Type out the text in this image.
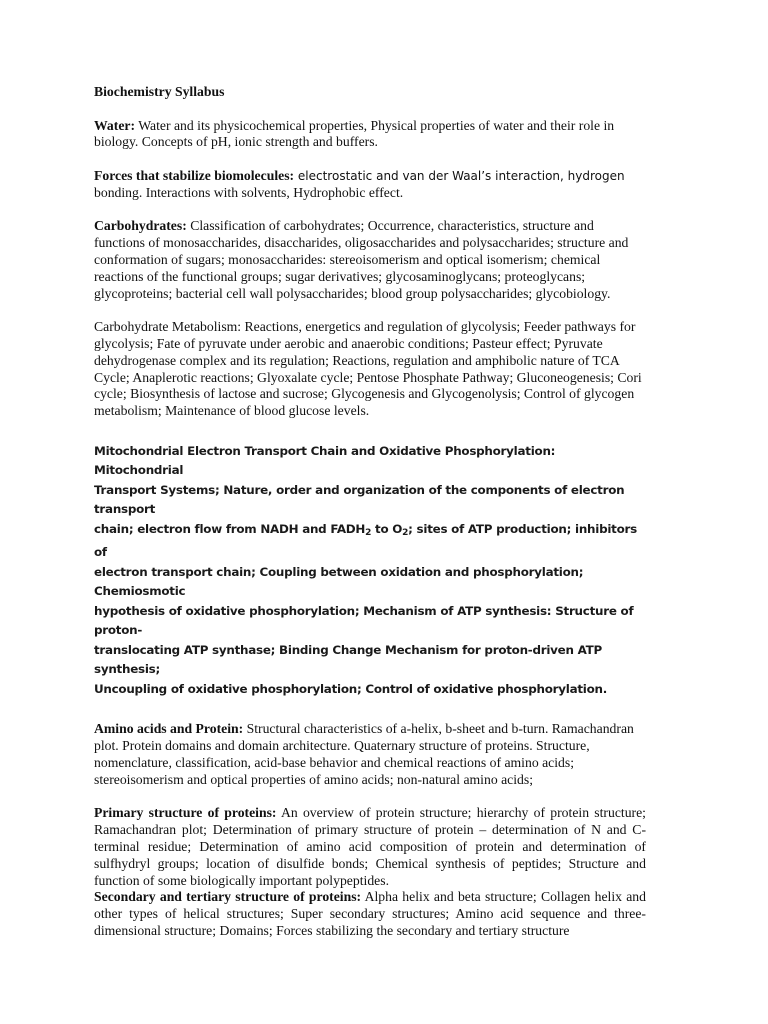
Biochemistry Syllabus

Water: Water and its physicochemical properties, Physical properties of water and their role in biology. Concepts of pH, ionic strength and buffers.

Forces that stabilize biomolecules: electrostatic and van der Waal’s interaction, hydrogen
bonding. Interactions with solvents, Hydrophobic effect.

Carbohydrates: Classification of carbohydrates; Occurrence, characteristics, structure and functions of monosaccharides, disaccharides, oligosaccharides and polysaccharides; structure and conformation of sugars; monosaccharides: stereoisomerism and optical isomerism; chemical reactions of the functional groups; sugar derivatives; glycosaminoglycans; proteoglycans; glycoproteins; bacterial cell wall polysaccharides; blood group polysaccharides; glycobiology.

Carbohydrate Metabolism: Reactions, energetics and regulation of glycolysis; Feeder pathways for glycolysis; Fate of pyruvate under aerobic and anaerobic conditions; Pasteur effect; Pyruvate dehydrogenase complex and its regulation; Reactions, regulation and amphibolic nature of TCA Cycle; Anaplerotic reactions; Glyoxalate cycle; Pentose Phosphate Pathway; Gluconeogenesis; Cori cycle; Biosynthesis of lactose and sucrose; Glycogenesis and Glycogenolysis; Control of glycogen metabolism; Maintenance of blood glucose levels.

Mitochondrial Electron Transport Chain and Oxidative Phosphorylation: Mitochondrial
Transport Systems; Nature, order and organization of the components of electron transport
chain; electron flow from NADH and $FADH_2$ to $O_2$; sites of ATP production; inhibitors of
electron transport chain; Coupling between oxidation and phosphorylation; Chemiosmotic
hypothesis of oxidative phosphorylation; Mechanism of ATP synthesis: Structure of proton-
translocating ATP synthase; Binding Change Mechanism for proton-driven ATP synthesis;
Uncoupling of oxidative phosphorylation; Control of oxidative phosphorylation.

Amino acids and Protein: Structural characteristics of a-helix, b-sheet and b-turn. Ramachandran plot. Protein domains and domain architecture. Quaternary structure of proteins. Structure, nomenclature, classification, acid-base behavior and chemical reactions of amino acids; stereoisomerism and optical properties of amino acids; non-natural amino acids;

Primary structure of proteins: An overview of protein structure; hierarchy of protein structure; Ramachandran plot; Determination of primary structure of protein – determination of N and C-terminal residue; Determination of amino acid composition of protein and determination of sulfhydryl groups; location of disulfide bonds; Chemical synthesis of peptides; Structure and function of some biologically important polypeptides.

Secondary and tertiary structure of proteins: Alpha helix and beta structure; Collagen helix and other types of helical structures; Super secondary structures; Amino acid sequence and three-dimensional structure; Domains; Forces stabilizing the secondary and tertiary structure
